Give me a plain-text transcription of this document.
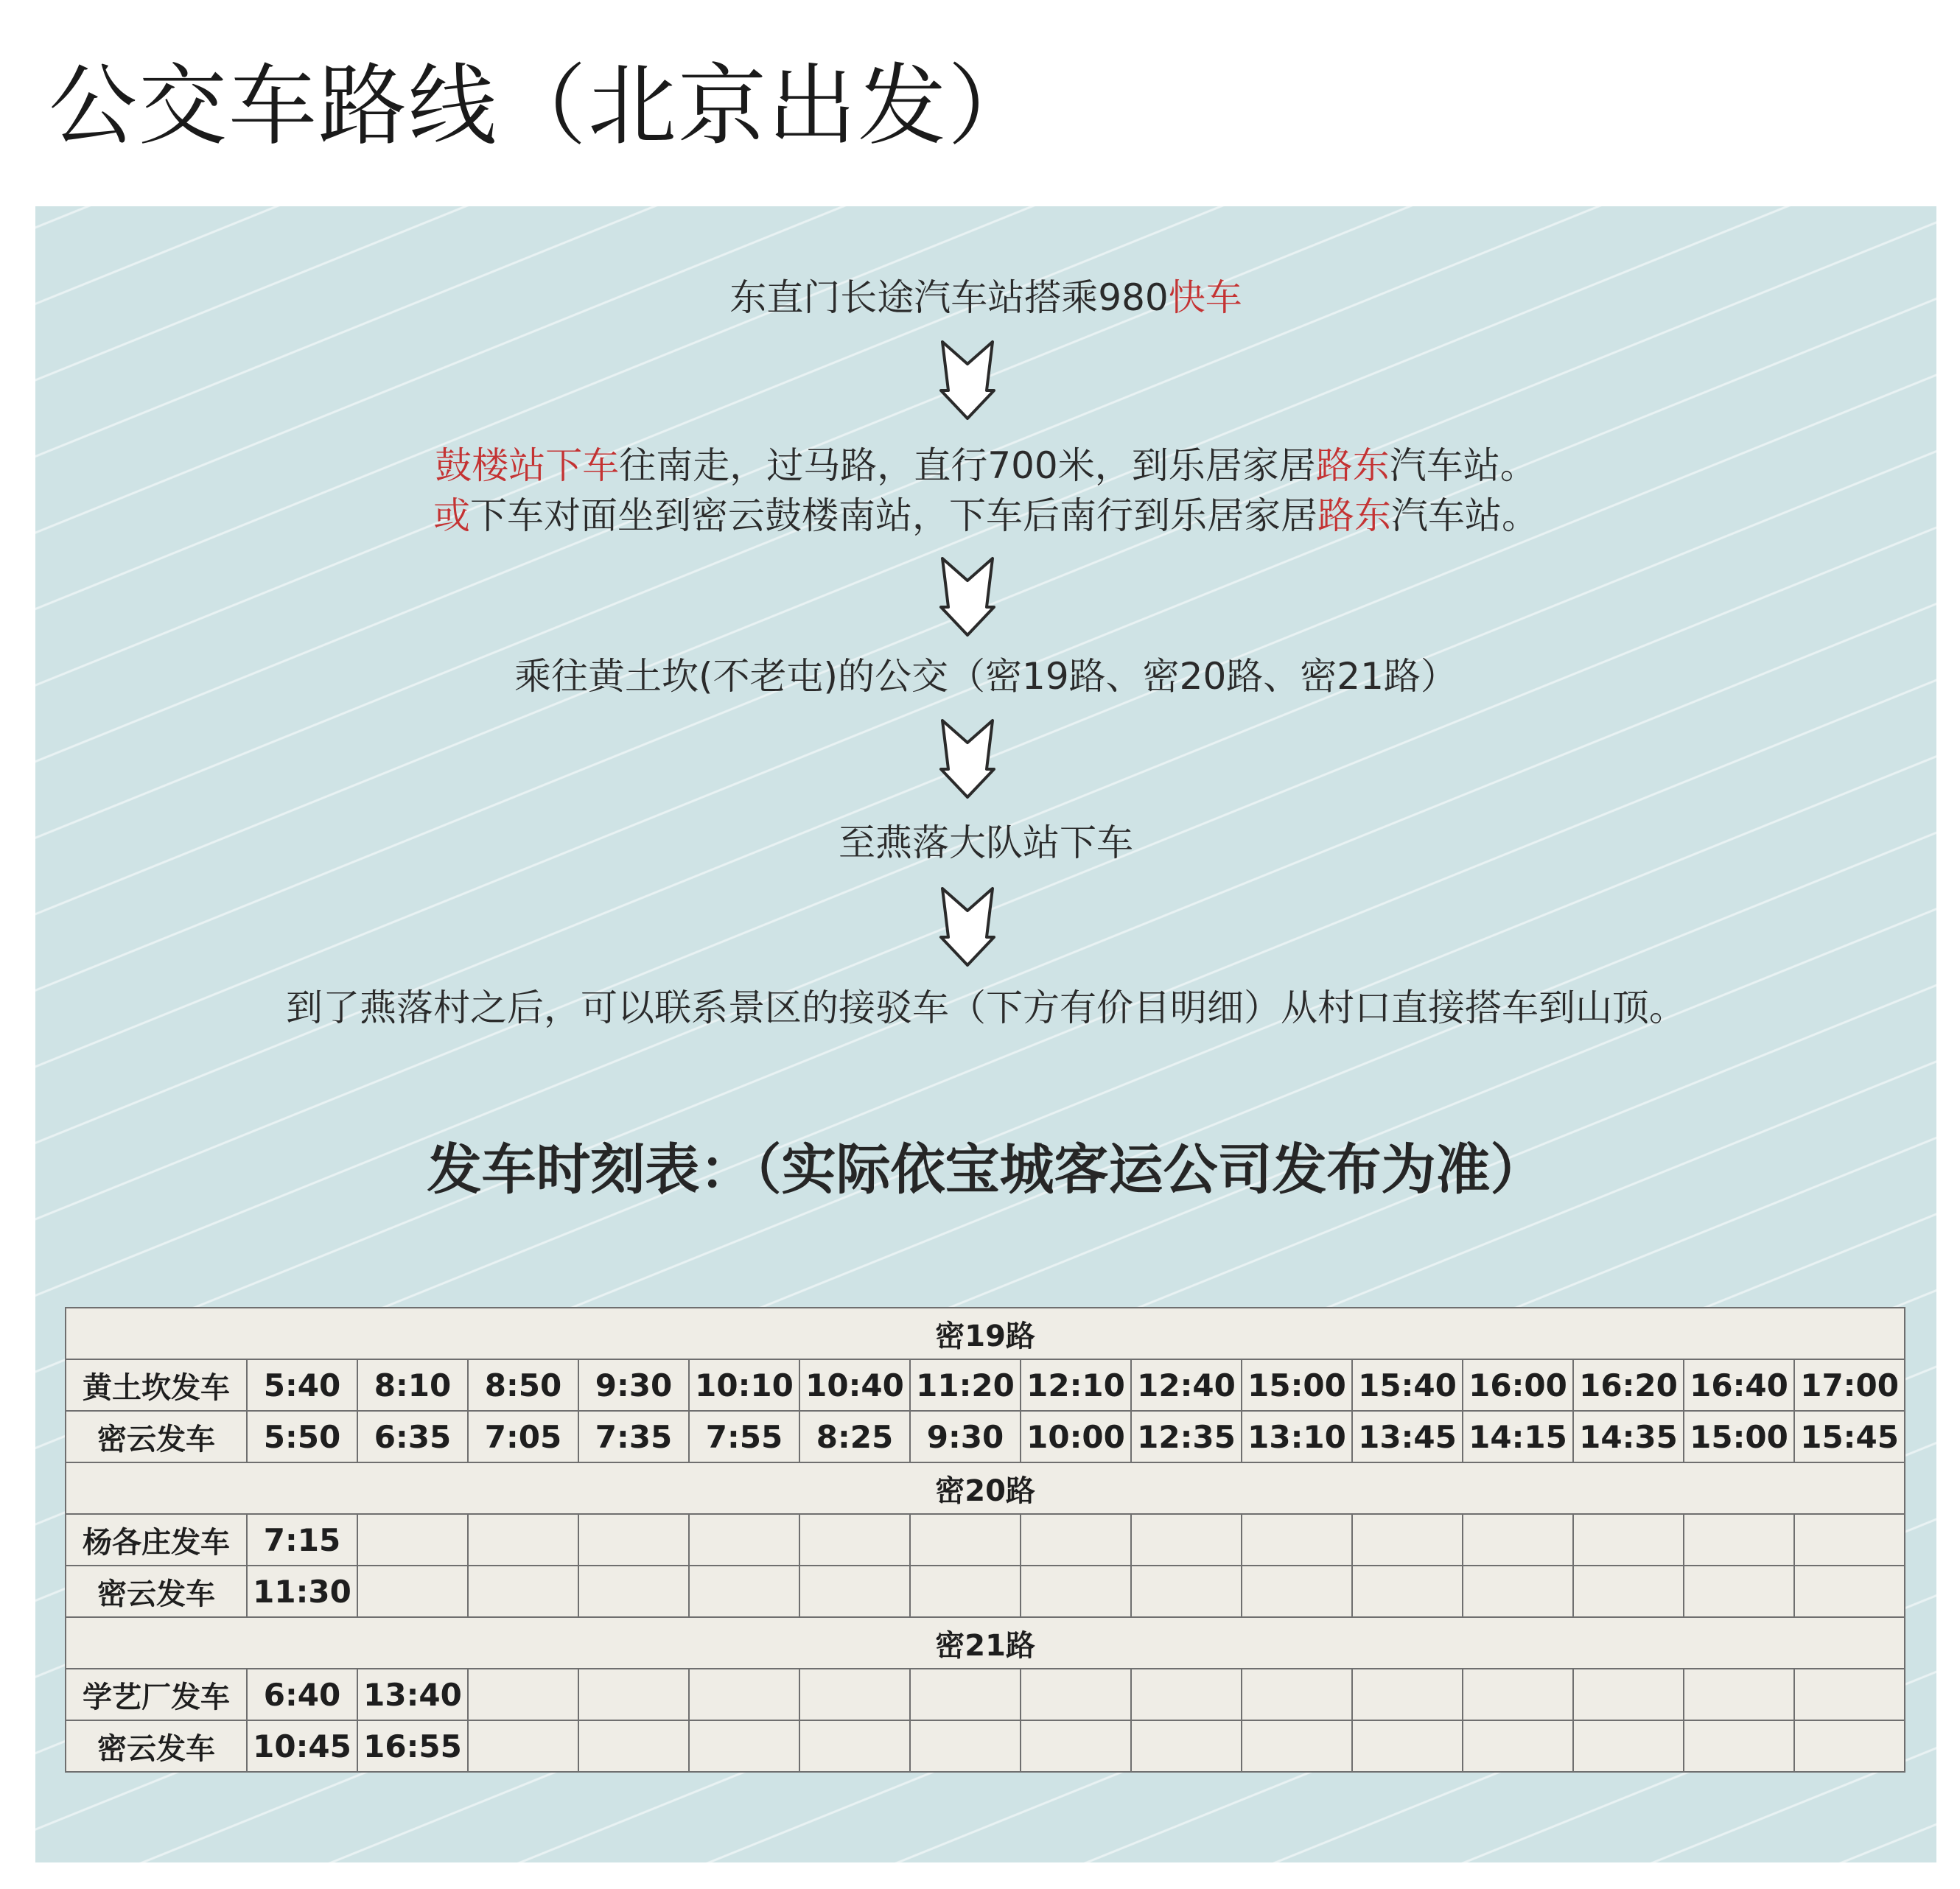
公交车路线（北京出发）
东直门长途汽车站搭乘980快车
鼓楼站下车往南走，过马路，直行700米，到乐居家居路东汽车站。
或下车对面坐到密云鼓楼南站，下车后南行到乐居家居路东汽车站。
乘往黄土坎(不老屯)的公交（密19路、密20路、密21路）
至燕落大队站下车
到了燕落村之后，可以联系景区的接驳车（下方有价目明细）从村口直接搭车到山顶。
发车时刻表：（实际依宝城客运公司发布为准）
密19路															
黄土坎发车	5:40	8:10	8:50	9:30	10:10	10:40	11:20	12:10	12:40	15:00	15:40	16:00	16:20	16:40	17:00
密云发车	5:50	6:35	7:05	7:35	7:55	8:25	9:30	10:00	12:35	13:10	13:45	14:15	14:35	15:00	15:45
密20路															
杨各庄发车	7:15														
密云发车	11:30														
密21路															
学艺厂发车	6:40	13:40													
密云发车	10:45	16:55													
